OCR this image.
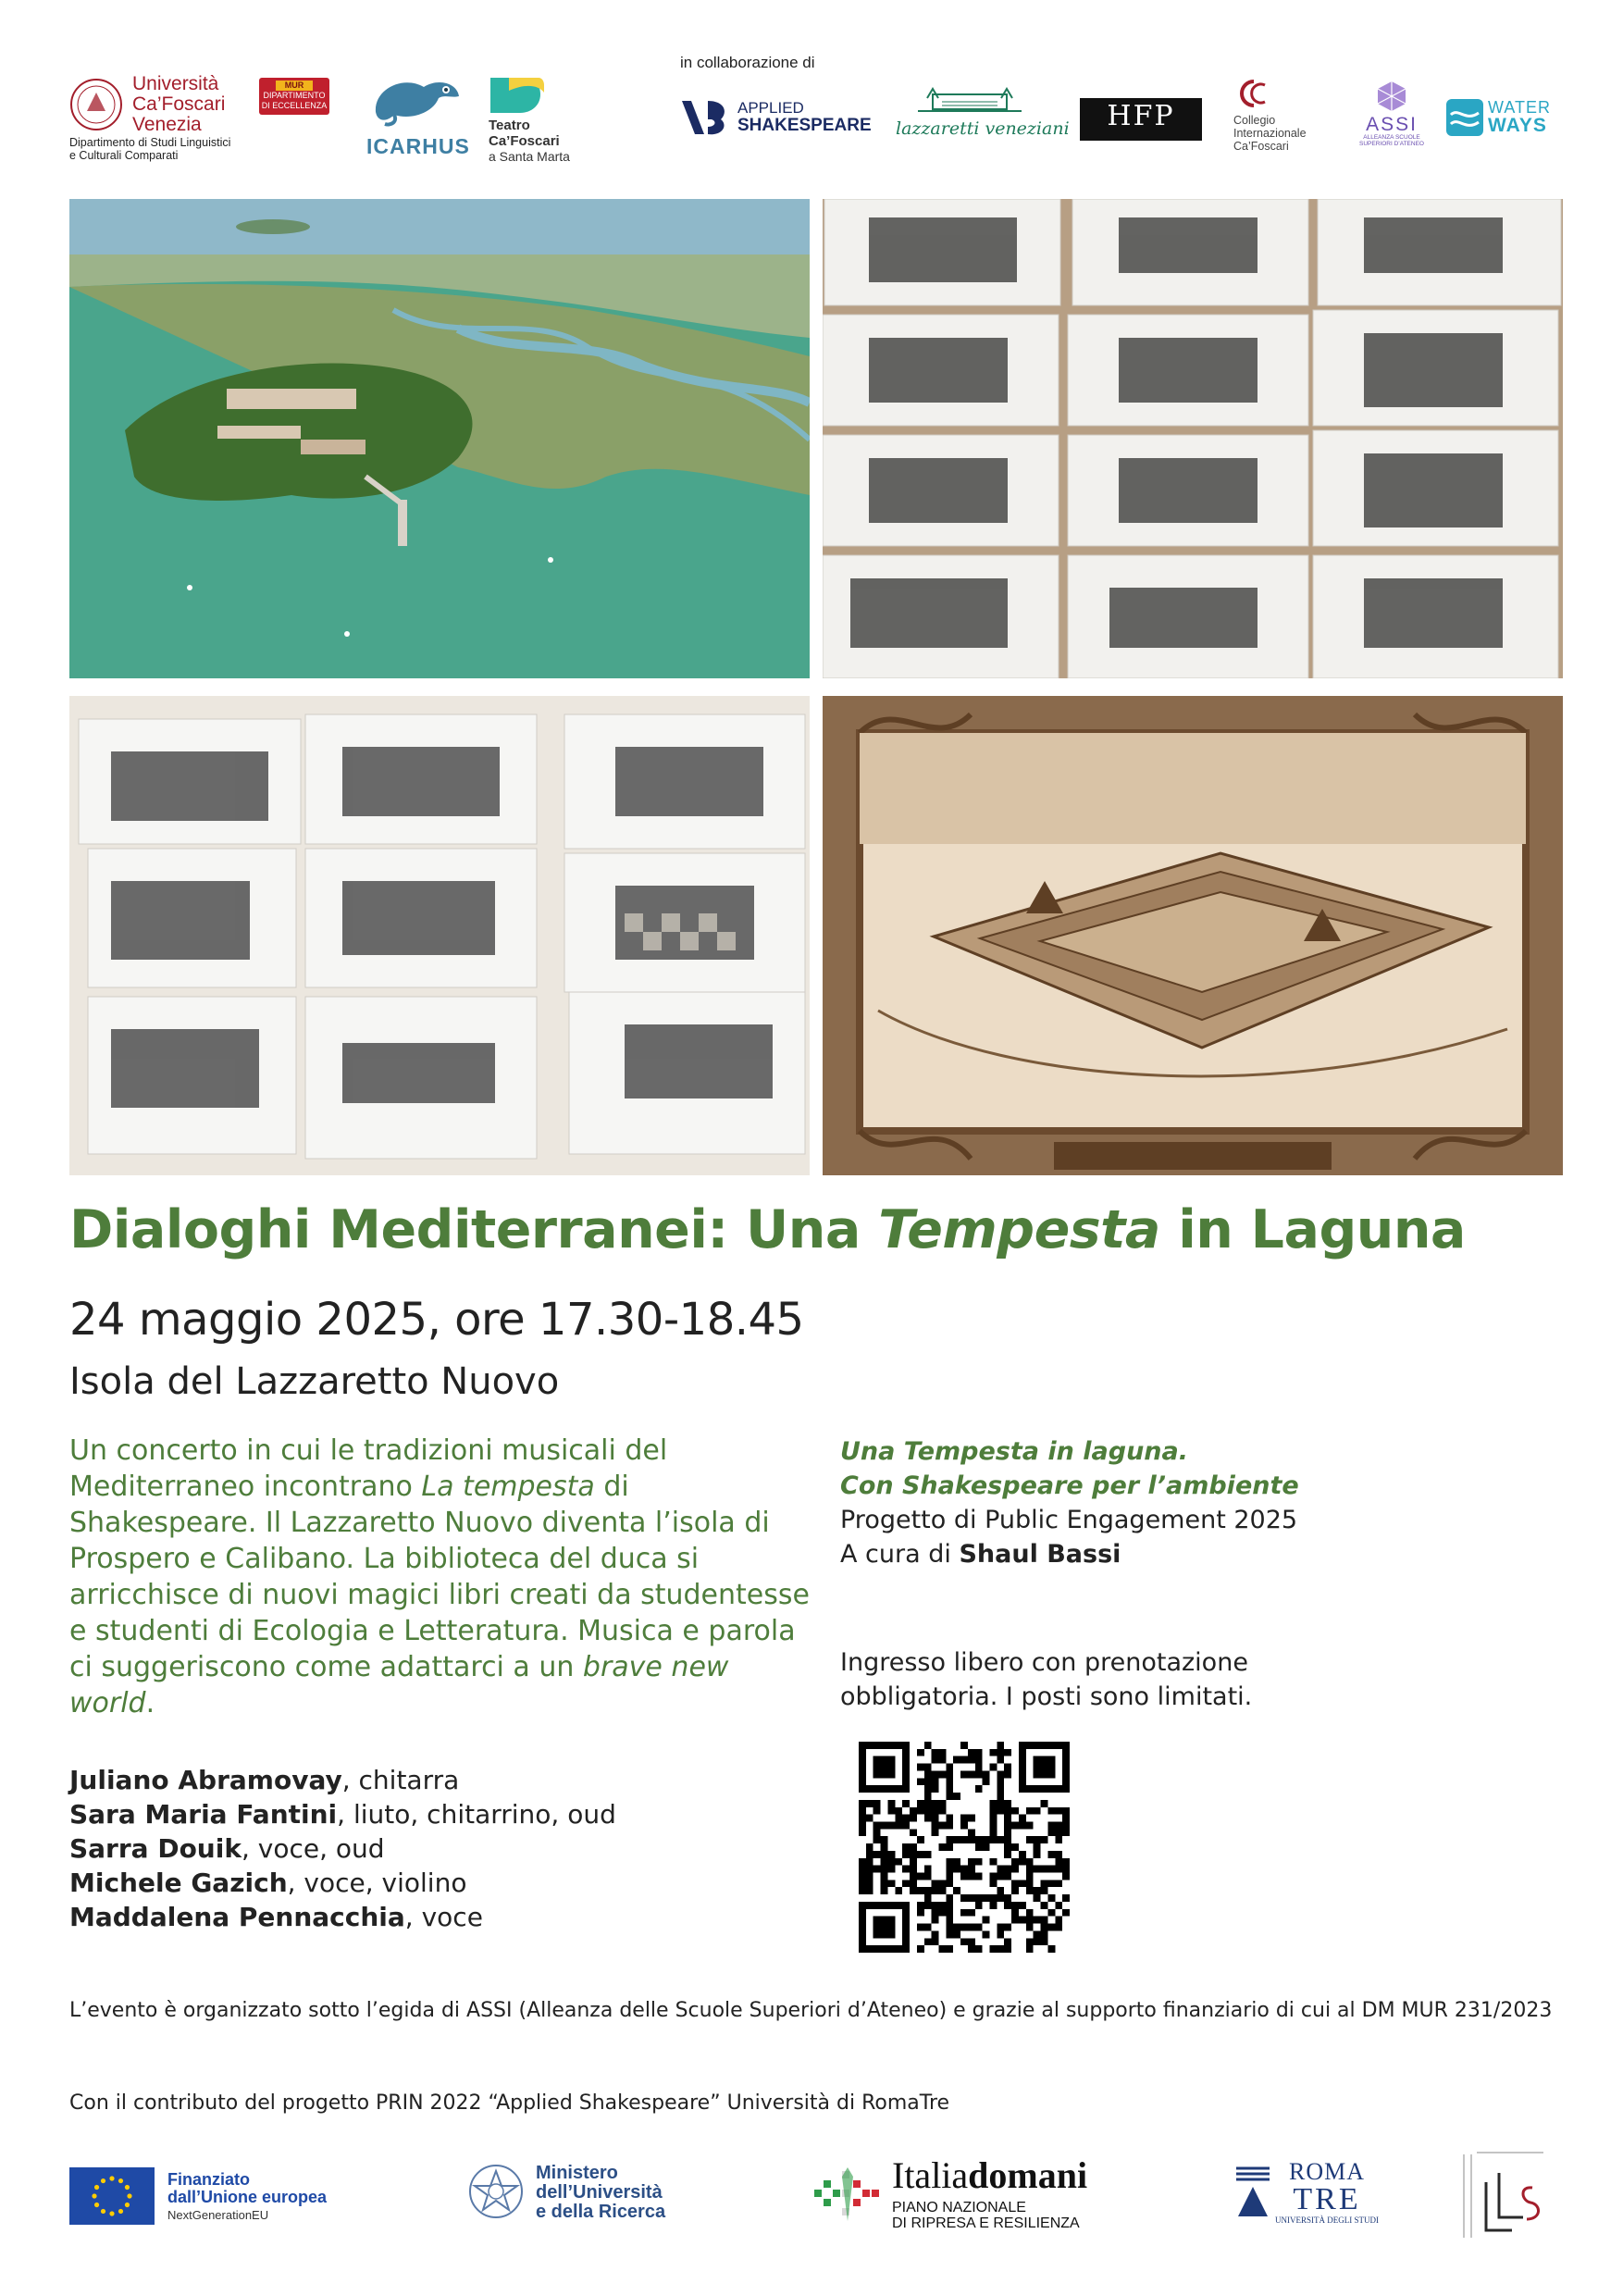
Università
Ca’Foscari
Venezia
Dipartimento di Studi Linguistici
e Culturali Comparati
MUR
DIPARTIMENTO
DI ECCELLENZA
ICARHUS
Teatro
Ca’Foscari
a Santa Marta
in collaborazione di
APPLIED
SHAKESPEARE lazzaretti veneziani	HFP	Collegio
Internazionale
Ca’Foscari
ASSI
ALLEANZA SCUOLE
SUPERIORI D’ATENEO
WATER
WAYS
Dialoghi Mediterranei: Una Tempesta in Laguna
24 maggio 2025, ore 17.30-18.45
Isola del Lazzaretto Nuovo
Un concerto in cui le tradizioni musicali del Mediterraneo incontrano La tempesta di Shakespeare. Il Lazzaretto Nuovo diventa l’isola di Prospero e Calibano. La biblioteca del duca si arricchisce di nuovi magici libri creati da studentesse e studenti di Ecologia e Letteratura. Musica e parola ci suggeriscono come adattarci a un brave new world.
Juliano Abramovay, chitarra
Sara Maria Fantini, liuto, chitarrino, oud
Sarra Douik, voce, oud
Michele Gazich, voce, violino
Maddalena Pennacchia, voce
Una Tempesta in laguna.
Con Shakespeare per l’ambiente
Progetto di Public Engagement 2025
A cura di Shaul Bassi
Ingresso libero con prenotazione obbligatoria. I posti sono limitati.
L’evento è organizzato sotto l’egida di ASSI (Alleanza delle Scuole Superiori d’Ateneo) e grazie al supporto finanziario di cui al DM MUR 231/2023
Con il contributo del progetto PRIN 2022 “Applied Shakespeare” Università di RomaTre
Finanziato
dall’Unione europea
NextGenerationEU
Ministero
dell’Università
e della Ricerca
Italiadomani
PIANO NAZIONALE
DI RIPRESA E RESILIENZA
ROMA
TRE
UNIVERSITÀ DEGLI STUDI
